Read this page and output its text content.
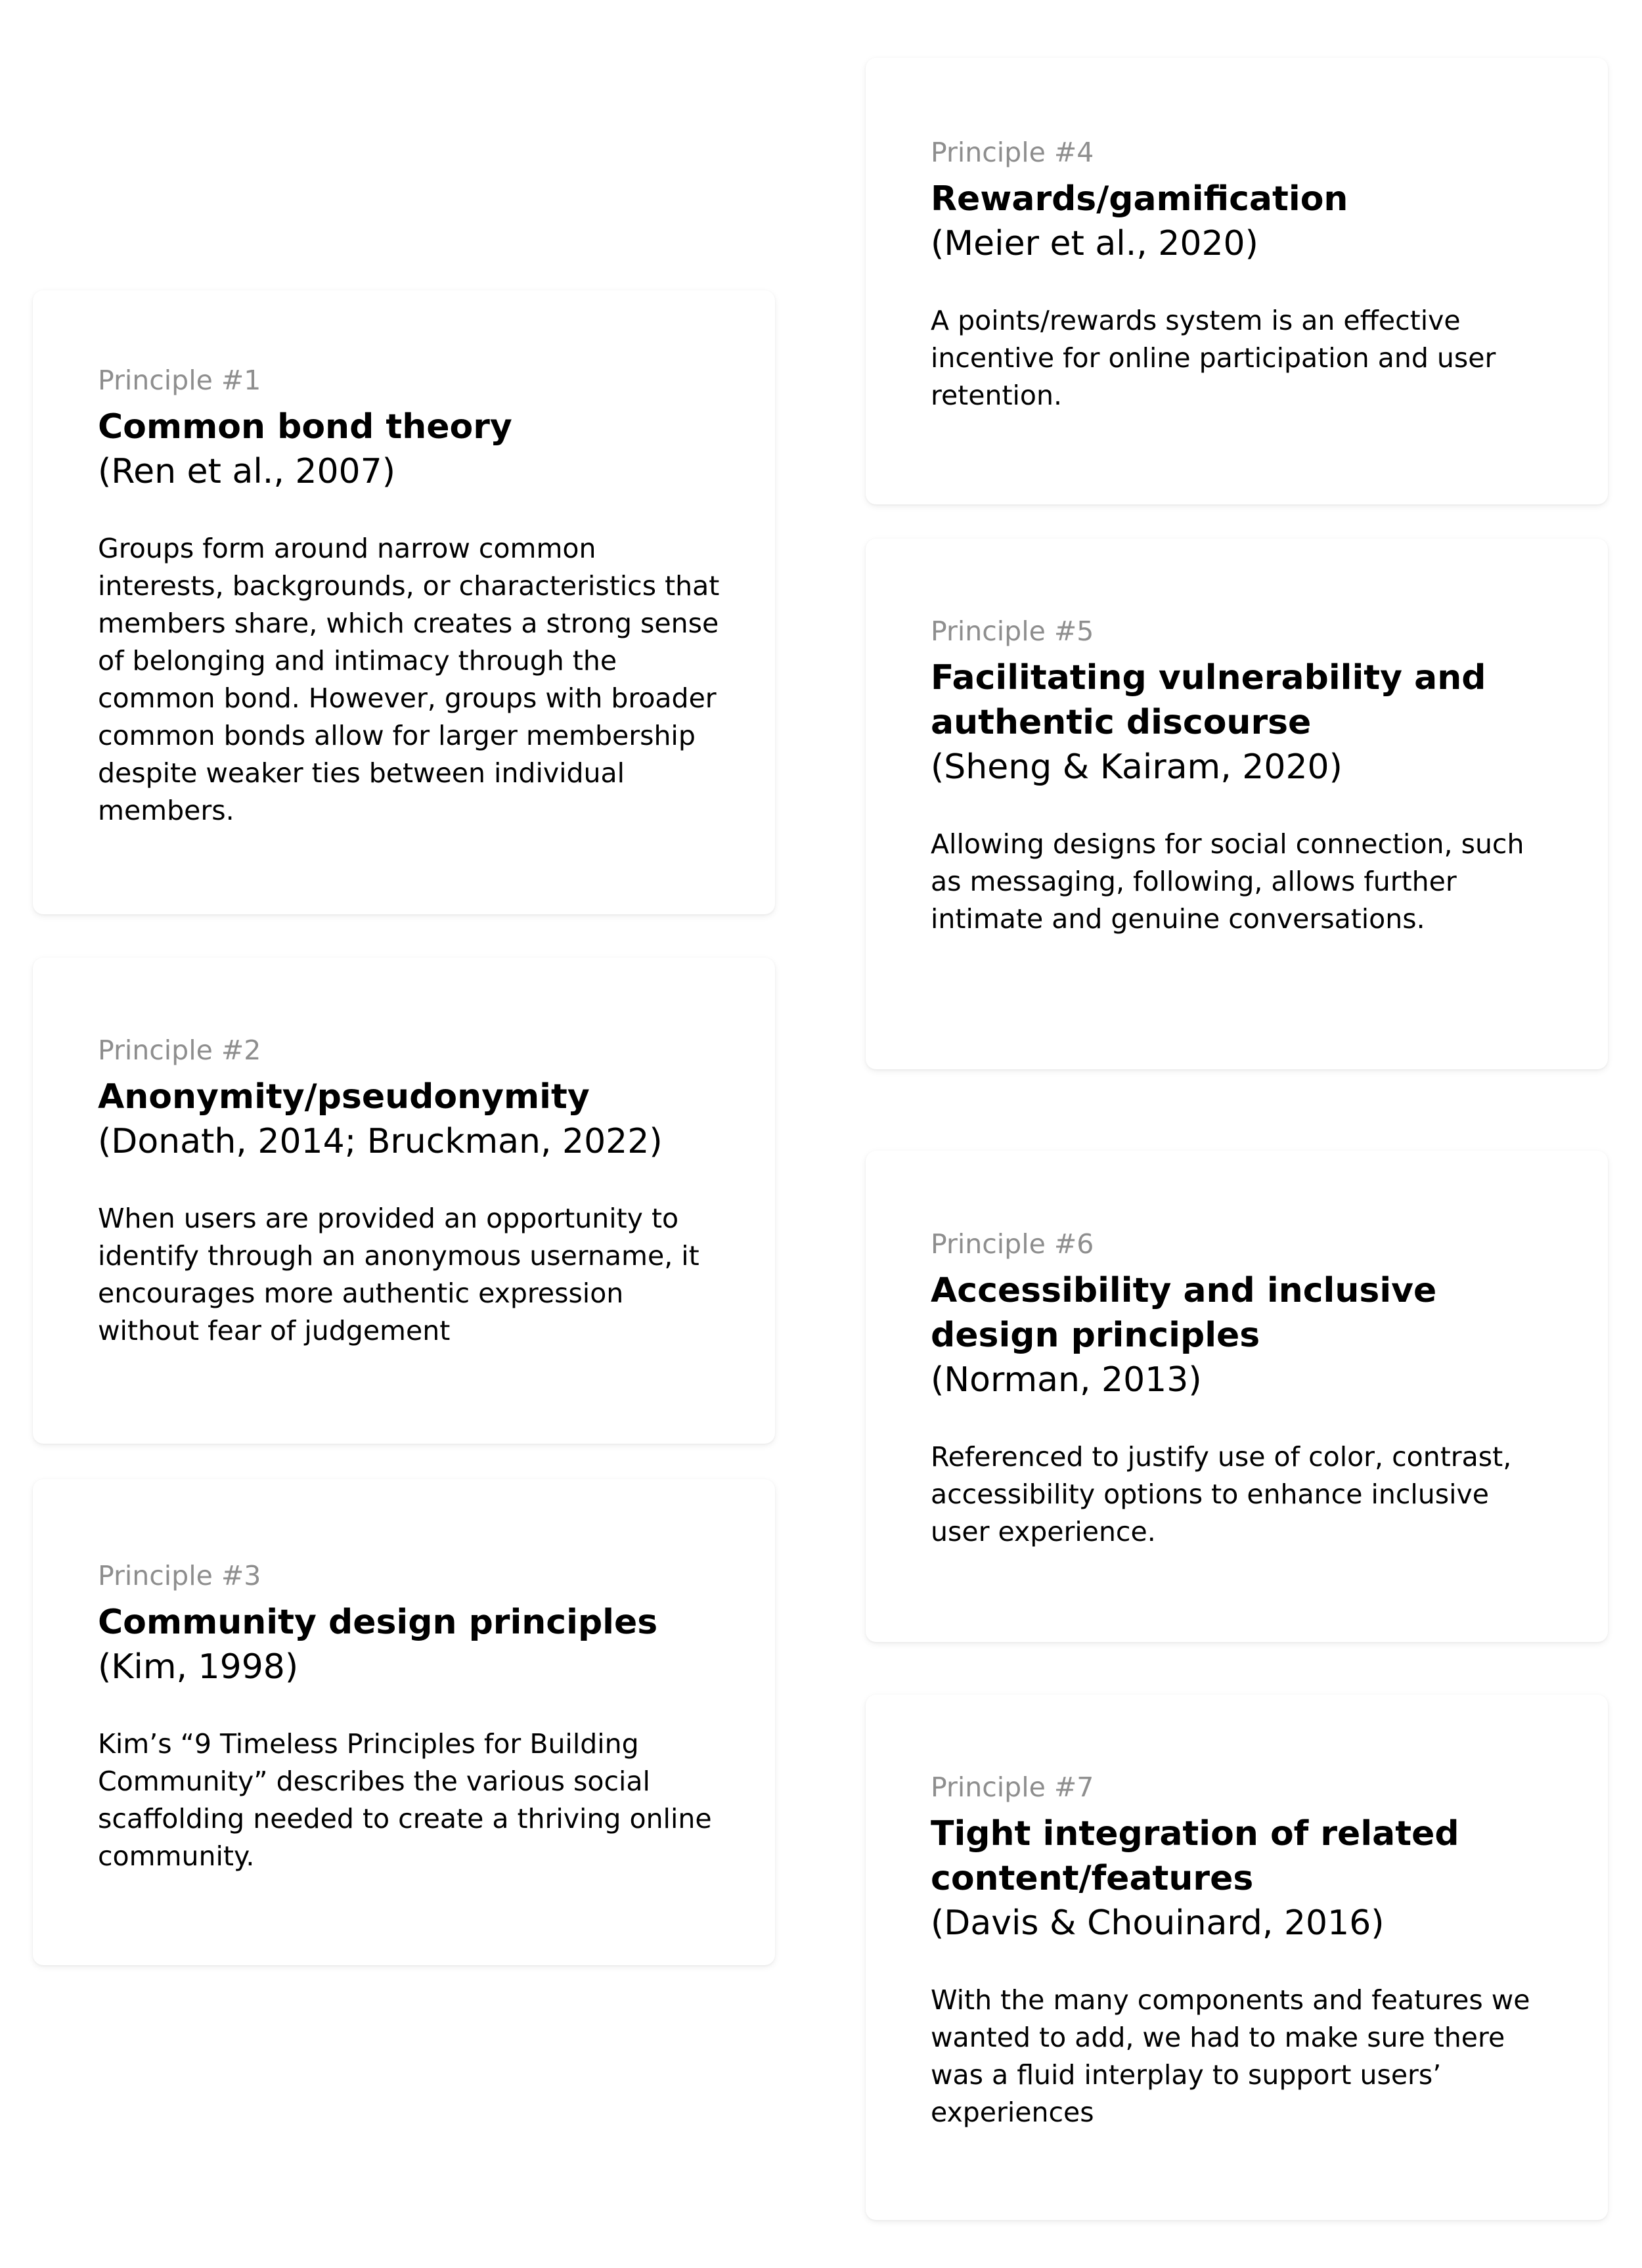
Principle #1
Common bond theory
(Ren et al., 2007)
Groups form around narrow common interests, backgrounds, or characteristics that members share, which creates a strong sense of belonging and intimacy through the common bond. However, groups with broader common bonds allow for larger membership despite weaker ties between individual members.
Principle #2
Anonymity/pseudonymity
(Donath, 2014; Bruckman, 2022)
When users are provided an opportunity to identify through an anonymous username, it encourages more authentic expression without fear of judgement
Principle #3
Community design principles
(Kim, 1998)
Kim’s “9 Timeless Principles for Building Community” describes the various social scaffolding needed to create a thriving online community.
Principle #4
Rewards/gamification
(Meier et al., 2020)
A points/rewards system is an effective incentive for online participation and user retention.
Principle #5
Facilitating vulnerability and authentic discourse
(Sheng & Kairam, 2020)
Allowing designs for social connection, such as messaging, following, allows further intimate and genuine conversations.
Principle #6
Accessibility and inclusive design principles
(Norman, 2013)
Referenced to justify use of color, contrast, accessibility options to enhance inclusive user experience.
Principle #7
Tight integration of related content/features
(Davis & Chouinard, 2016)
With the many components and features we wanted to add, we had to make sure there was a fluid interplay to support users’ experiences
